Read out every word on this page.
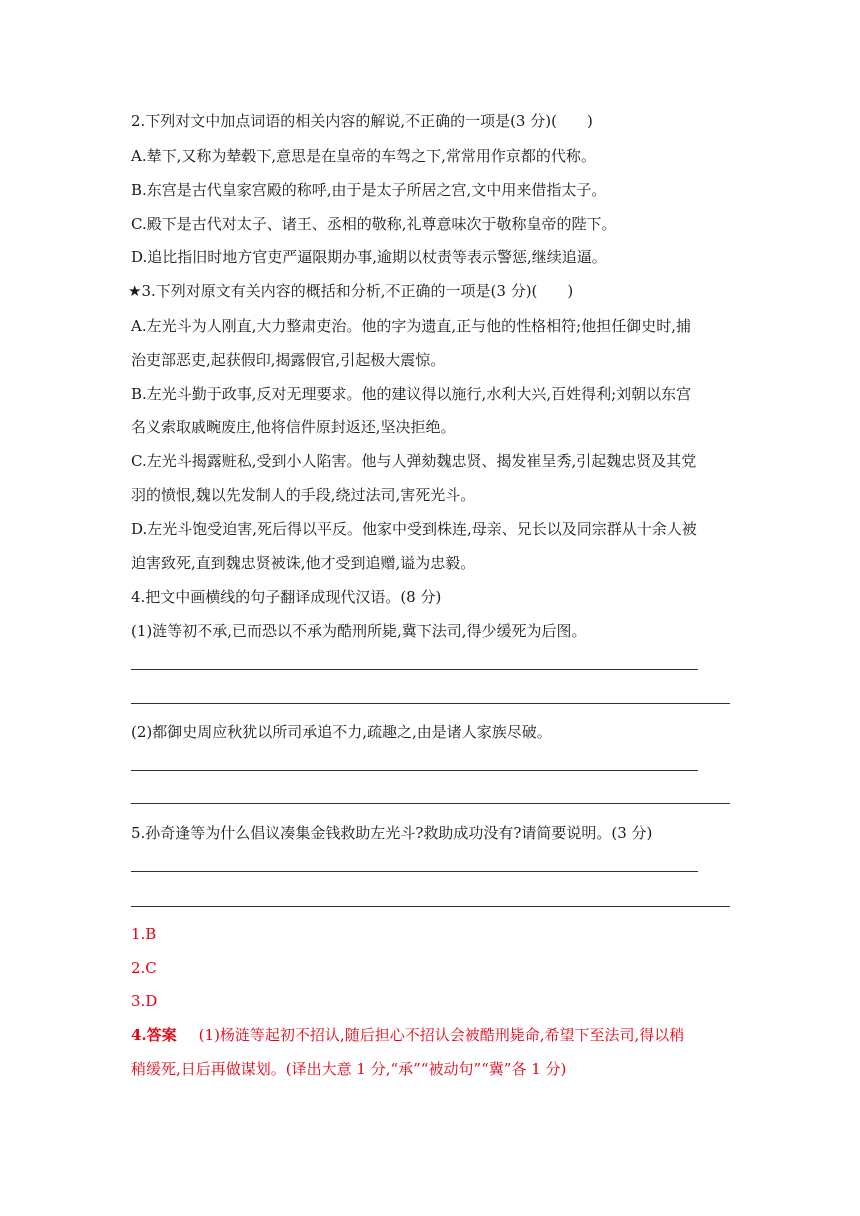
2.下列对文中加点词语的相关内容的解说,不正确的一项是(3 分)(　　)
A.辇下,又称为辇毂下,意思是在皇帝的车驾之下,常常用作京都的代称。
B.东宫是古代皇家宫殿的称呼,由于是太子所居之宫,文中用来借指太子。
C.殿下是古代对太子、诸王、丞相的敬称,礼尊意味次于敬称皇帝的陛下。
D.追比指旧时地方官吏严逼限期办事,逾期以杖责等表示警惩,继续追逼。
★3.下列对原文有关内容的概括和分析,不正确的一项是(3 分)(　　)
A.左光斗为人刚直,大力整肃吏治。他的字为遗直,正与他的性格相符;他担任御史时,捕
治吏部恶吏,起获假印,揭露假官,引起极大震惊。
B.左光斗勤于政事,反对无理要求。他的建议得以施行,水利大兴,百姓得利;刘朝以东宫
名义索取戚畹废庄,他将信件原封返还,坚决拒绝。
C.左光斗揭露赃私,受到小人陷害。他与人弹劾魏忠贤、揭发崔呈秀,引起魏忠贤及其党
羽的愤恨,魏以先发制人的手段,绕过法司,害死光斗。
D.左光斗饱受迫害,死后得以平反。他家中受到株连,母亲、兄长以及同宗群从十余人被
迫害致死,直到魏忠贤被诛,他才受到追赠,谥为忠毅。
4.把文中画横线的句子翻译成现代汉语。(8 分)
(1)涟等初不承,已而恐以不承为酷刑所毙,冀下法司,得少缓死为后图。
(2)都御史周应秋犹以所司承追不力,疏趣之,由是诸人家族尽破。
5.孙奇逢等为什么倡议凑集金钱救助左光斗?救助成功没有?请简要说明。(3 分)
1.B
2.C
3.D
4.答案 (1)杨涟等起初不招认,随后担心不招认会被酷刑毙命,希望下至法司,得以稍
稍缓死,日后再做谋划。(译出大意 1 分,“承”“被动句”“冀”各 1 分)
